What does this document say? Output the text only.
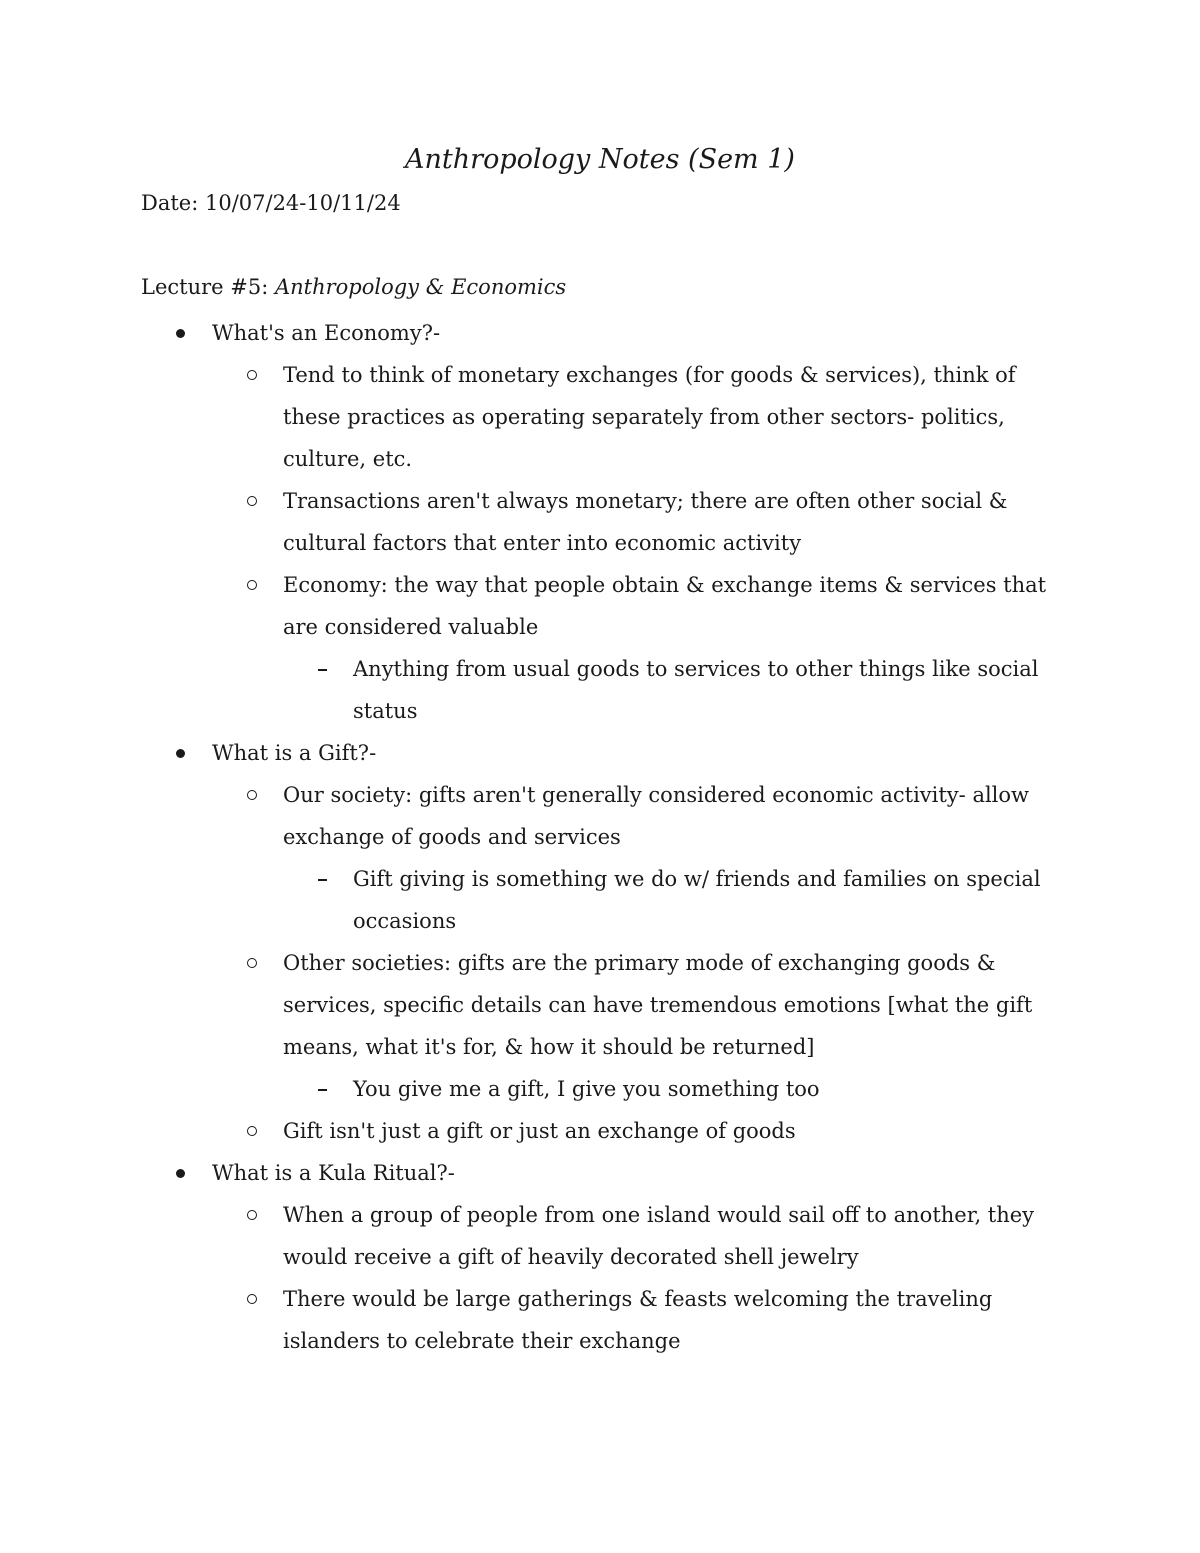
Anthropology Notes (Sem 1)
Date: 10/07/24-10/11/24
Lecture #5: Anthropology & Economics
What's an Economy?-
Tend to think of monetary exchanges (for goods & services), think of
these practices as operating separately from other sectors- politics,
culture, etc.
Transactions aren't always monetary; there are often other social &
cultural factors that enter into economic activity
Economy: the way that people obtain & exchange items & services that
are considered valuable
Anything from usual goods to services to other things like social
status
What is a Gift?-
Our society: gifts aren't generally considered economic activity- allow
exchange of goods and services
Gift giving is something we do w/ friends and families on special
occasions
Other societies: gifts are the primary mode of exchanging goods &
services, specific details can have tremendous emotions [what the gift
means, what it's for, & how it should be returned]
You give me a gift, I give you something too
Gift isn't just a gift or just an exchange of goods
What is a Kula Ritual?-
When a group of people from one island would sail off to another, they
would receive a gift of heavily decorated shell jewelry
There would be large gatherings & feasts welcoming the traveling
islanders to celebrate their exchange
